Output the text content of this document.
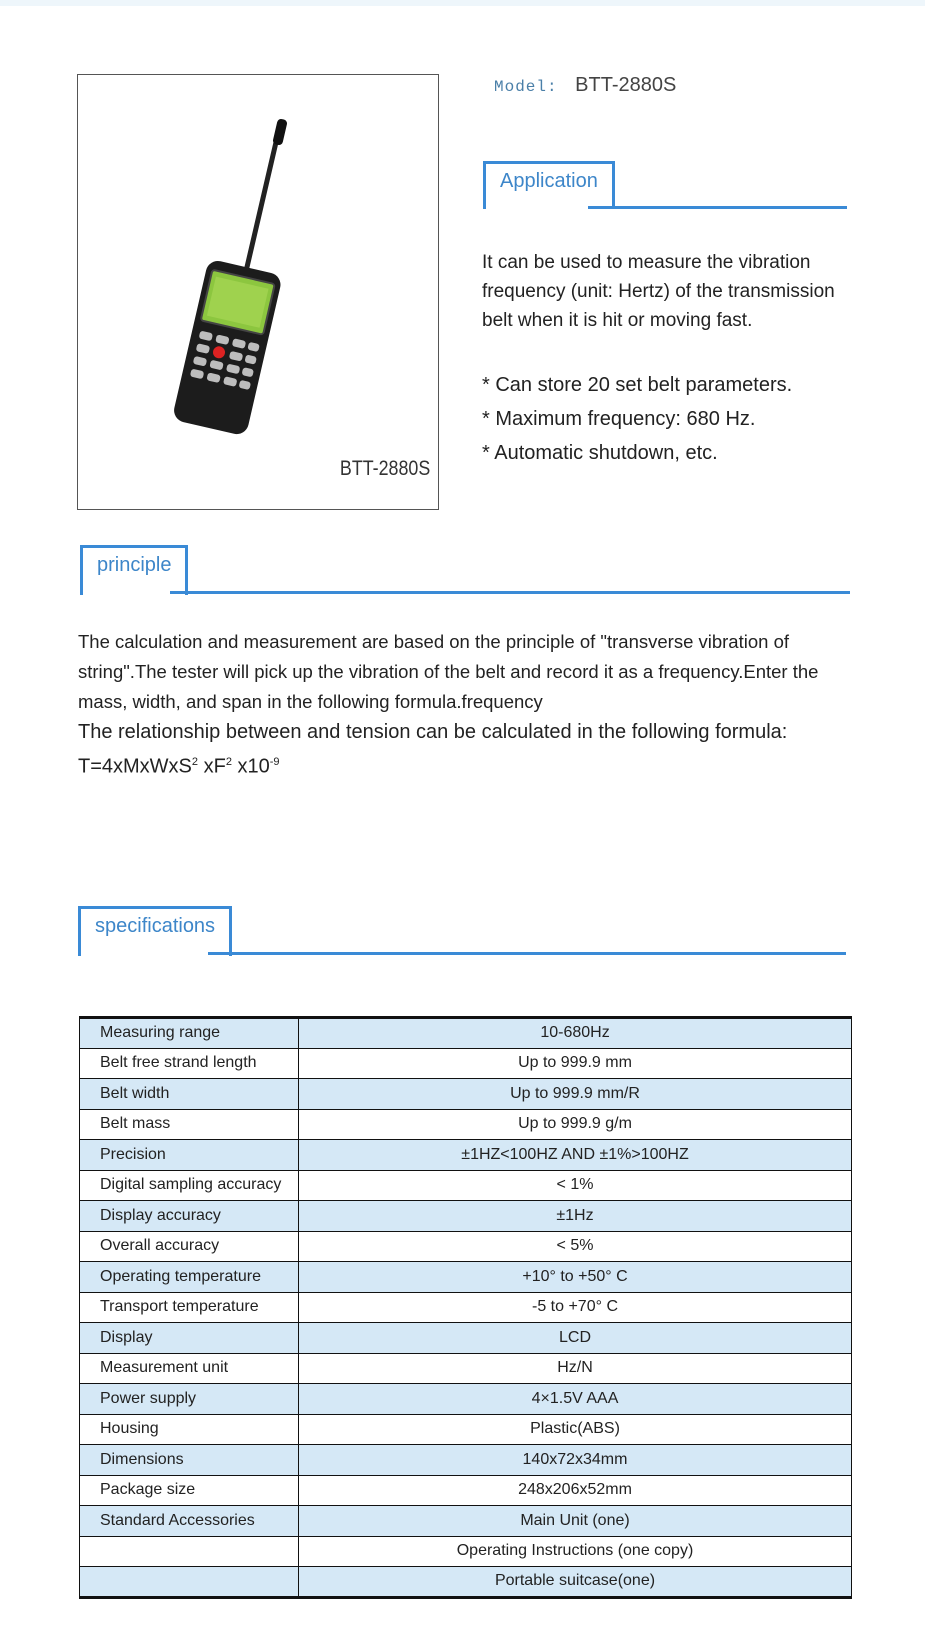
BTT-2880S
Model: BTT-2880S
Application
It can be used to measure the vibration frequency (unit: Hertz) of the transmission belt when it is hit or moving fast.
* Can store 20 set belt parameters.
* Maximum frequency: 680 Hz.
* Automatic shutdown, etc.
principle

The calculation and measurement are based on the principle of "transverse vibration of string".The tester will pick up the vibration of the belt and record it as a frequency.Enter the mass, width, and span in the following formula.frequency

The relationship between and tension can be calculated in the following formula:

T=4xMxWxS$^2$ $xF^2$ $x10^{-9}$

specifications
Measuring range	10-680Hz
Belt free strand length	Up to 999.9 mm
Belt width	Up to 999.9 mm/R
Belt mass	Up to 999.9 g/m
Precision	±1HZ<100HZ AND ±1%>100HZ
Digital sampling accuracy	< 1%
Display accuracy	±1Hz
Overall accuracy	< 5%
Operating temperature	+10° to +50° C
Transport temperature	-5 to +70° C
Display	LCD
Measurement unit	Hz/N
Power supply	4×1.5V AAA
Housing	Plastic(ABS)
Dimensions	140x72x34mm
Package size	248x206x52mm
Standard Accessories	Main Unit (one)
	Operating Instructions (one copy)
	Portable suitcase(one)
